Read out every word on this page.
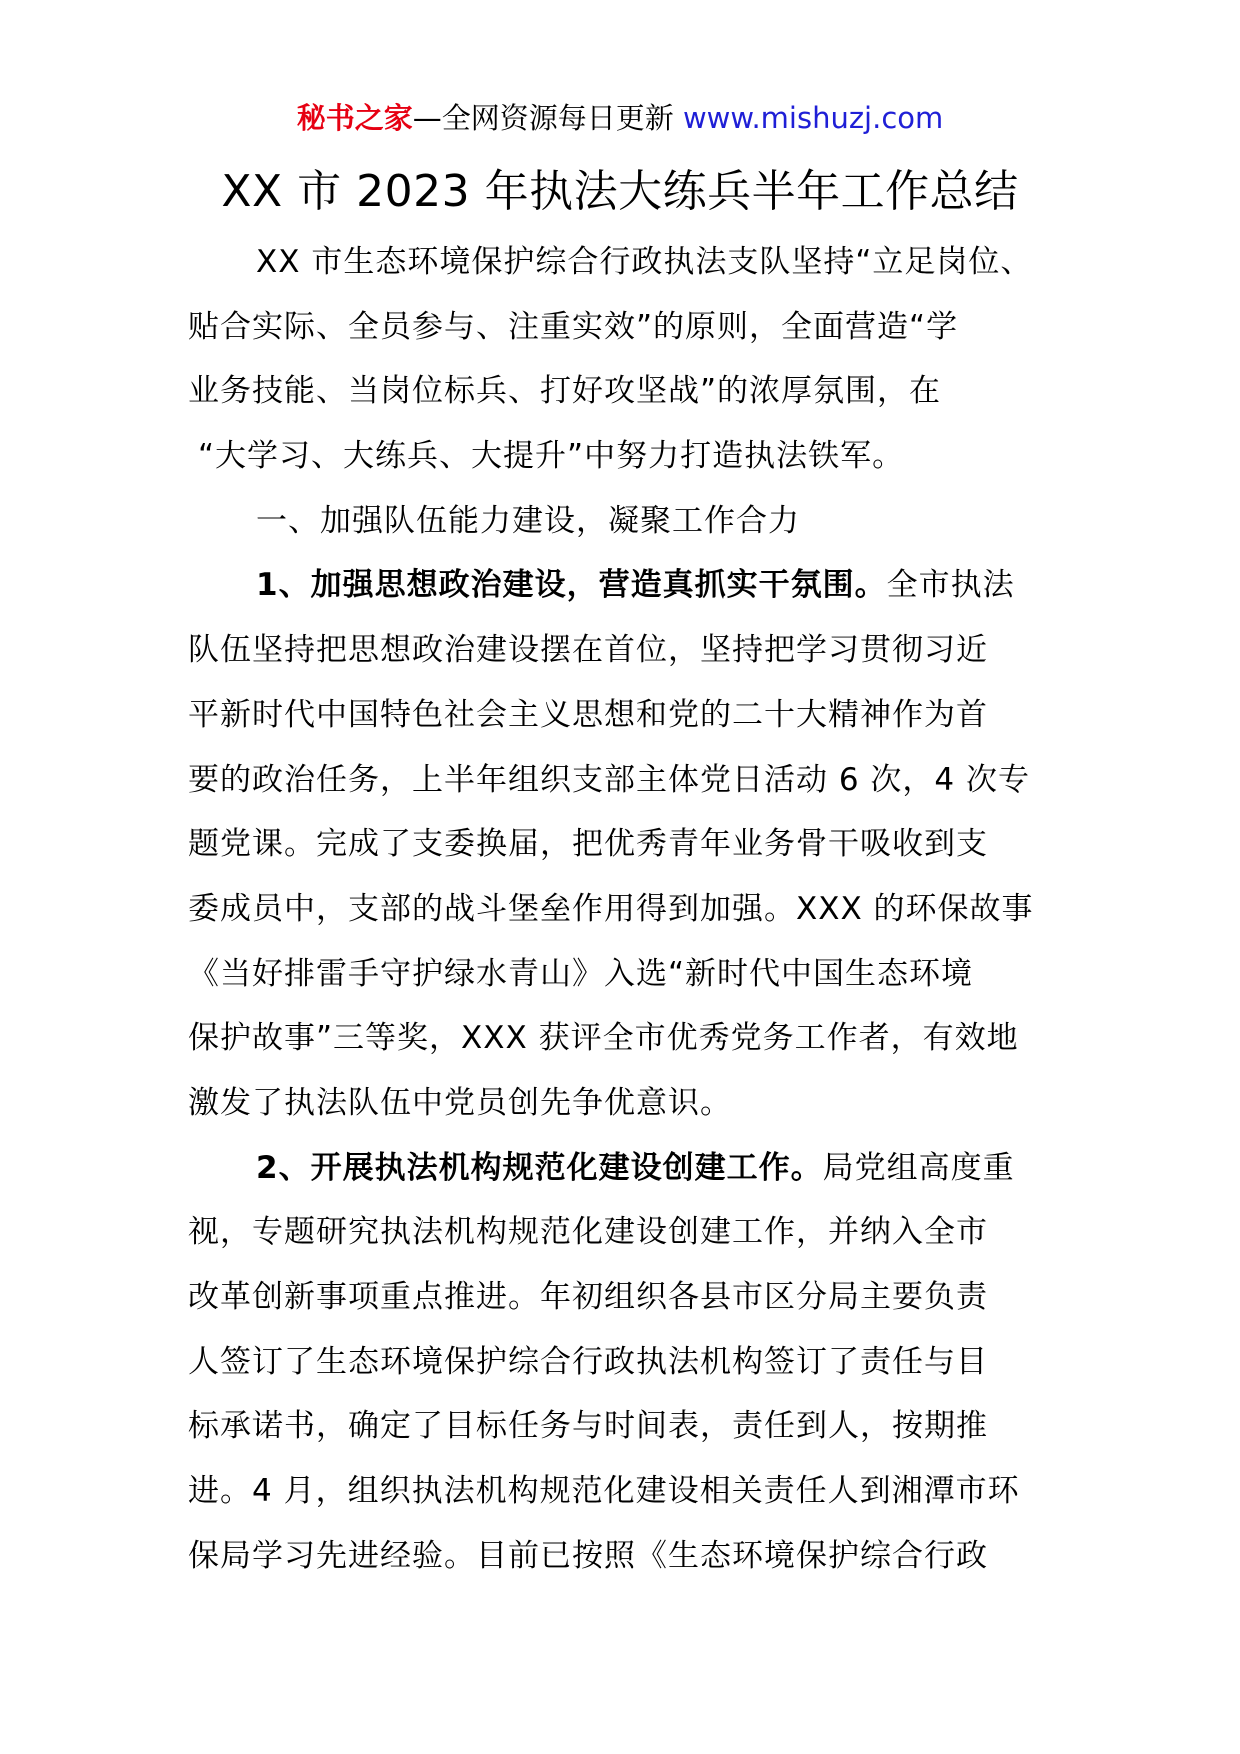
秘书之家—全网资源每日更新 www.mishuzj.com
XX 市 2023 年执法大练兵半年工作总结
XX 市生态环境保护综合行政执法支队坚持“立足岗位、
贴合实际、全员参与、注重实效”的原则，全面营造“学
业务技能、当岗位标兵、打好攻坚战”的浓厚氛围，在
“大学习、大练兵、大提升”中努力打造执法铁军。
一、加强队伍能力建设，凝聚工作合力
1、加强思想政治建设，营造真抓实干氛围。全市执法
队伍坚持把思想政治建设摆在首位，坚持把学习贯彻习近
平新时代中国特色社会主义思想和党的二十大精神作为首
要的政治任务，上半年组织支部主体党日活动 6 次，4 次专
题党课。完成了支委换届，把优秀青年业务骨干吸收到支
委成员中，支部的战斗堡垒作用得到加强。XXX 的环保故事
《当好排雷手守护绿水青山》入选“新时代中国生态环境
保护故事”三等奖，XXX 获评全市优秀党务工作者，有效地
激发了执法队伍中党员创先争优意识。
2、开展执法机构规范化建设创建工作。局党组高度重
视，专题研究执法机构规范化建设创建工作，并纳入全市
改革创新事项重点推进。年初组织各县市区分局主要负责
人签订了生态环境保护综合行政执法机构签订了责任与目
标承诺书，确定了目标任务与时间表，责任到人，按期推
进。4 月，组织执法机构规范化建设相关责任人到湘潭市环
保局学习先进经验。目前已按照《生态环境保护综合行政
